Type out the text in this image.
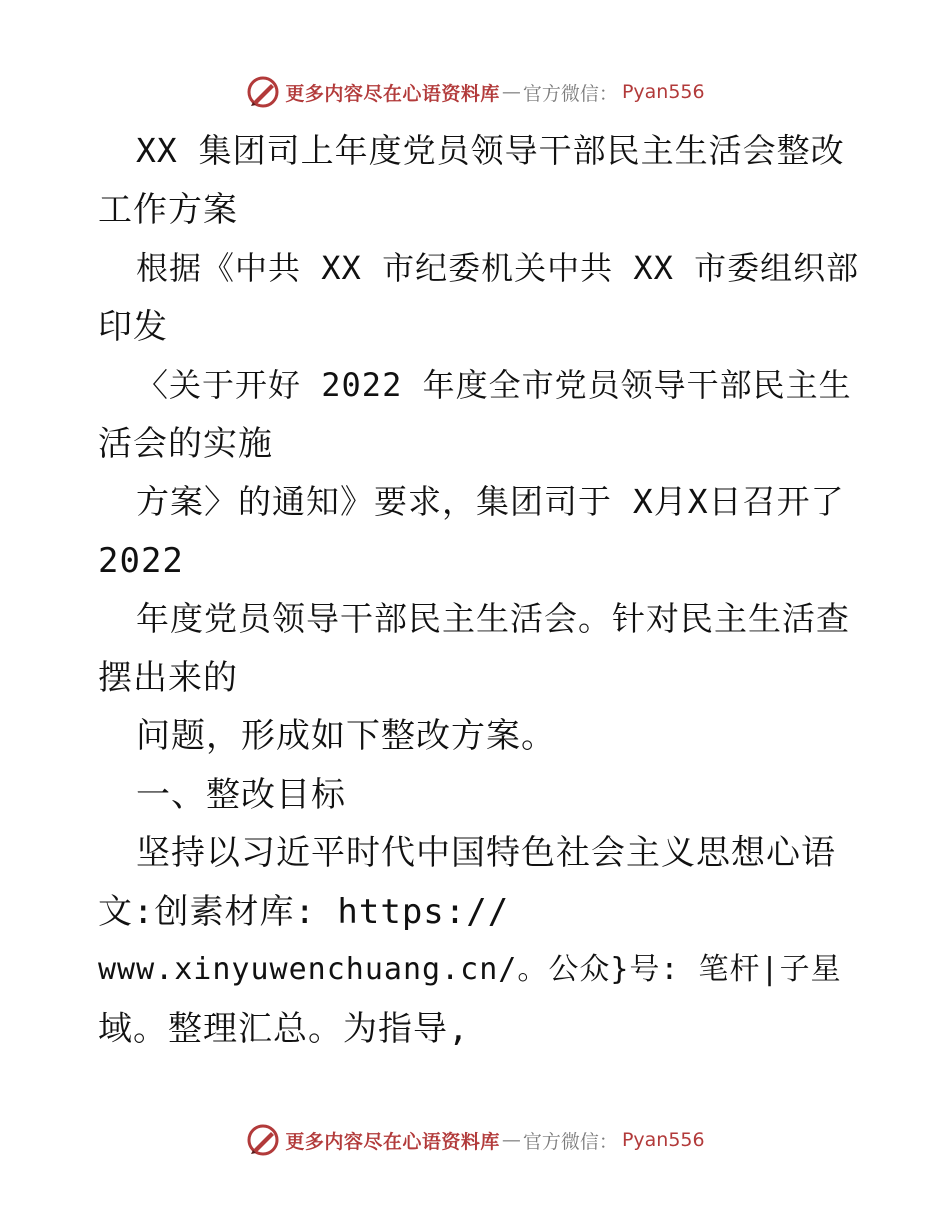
更多内容尽在心语资料库 — 官方微信： Pyan556
XX 集团司上年度党员领导干部民主生活会整改
工作方案
根据《中共 XX 市纪委机关中共 XX 市委组织部
印发
〈关于开好 2022 年度全市党员领导干部民主生
活会的实施
方案〉的通知》要求，集团司于 X月X日召开了
2022
年度党员领导干部民主生活会。针对民主生活查
摆出来的
问题，形成如下整改方案。
一、整改目标
坚持以习近平时代中国特色社会主义思想心语
文:创素材库: https://
www.xinyuwenchuang.cn/。公众}号: 笔杆|子星
域。整理汇总。为指导,
更多内容尽在心语资料库 — 官方微信： Pyan556
